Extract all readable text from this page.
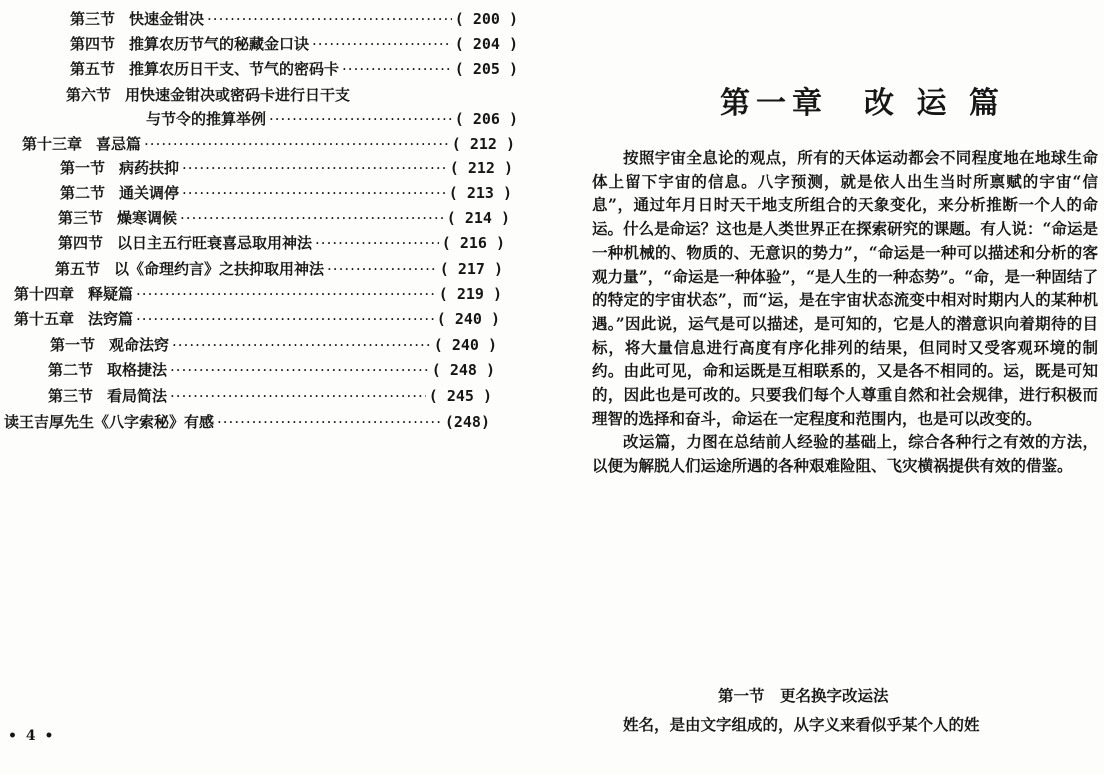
第三节 快速金钳决 ·····	( 200 )
第四节 推算农历节气的秘藏金口诀 ·····	( 204 )
第五节 推算农历日干支、节气的密码卡 ·····	( 205 )
第六节 用快速金钳决或密码卡进行日干支
与节令的推算举例 ·····	( 206 )
第十三章 喜忌篇 ·····	( 212 )
第一节 病药扶抑 ·····	( 212 )
第二节 通关调停 ·····	( 213 )
第三节 燥寒调候 ·····	( 214 )
第四节 以日主五行旺衰喜忌取用神法 ·····	( 216 )
第五节 以《命理约言》之扶抑取用神法 ·····	( 217 )
第十四章 释疑篇 ·····	( 219 )
第十五章 法窍篇 ·····	( 240 )
第一节 观命法窍 ·····	( 240 )
第二节 取格捷法 ·····	( 248 )
第三节 看局简法 ·····	( 245 )
读王吉厚先生《八字索秘》有感 ·····	(248)
• 4 •
第一章　改 运 篇

按照宇宙全息论的观点，所有的天体运动都会不同程度地在地球生命体上留下宇宙的信息。八字预测，就是依人出生当时所禀赋的宇宙“信息”，通过年月日时天干地支所组合的天象变化，来分析推断一个人的命运。什么是命运？这也是人类世界正在探索研究的课题。有人说：“命运是一种机械的、物质的、无意识的势力”，“命运是一种可以描述和分析的客观力量”，“命运是一种体验”，“是人生的一种态势”。“命，是一种固结了的特定的宇宙状态”，而“运，是在宇宙状态流变中相对时期内人的某种机遇。”因此说，运气是可以描述，是可知的，它是人的潜意识向着期待的目标，将大量信息进行高度有序化排列的结果，但同时又受客观环境的制约。由此可见，命和运既是互相联系的，又是各不相同的。运，既是可知的，因此也是可改的。只要我们每个人尊重自然和社会规律，进行积极而理智的选择和奋斗，命运在一定程度和范围内，也是可以改变的。

改运篇，力图在总结前人经验的基础上，综合各种行之有效的方法，以便为解脱人们运途所遇的各种艰难险阻、飞灾横祸提供有效的借鉴。

第一节　更名换字改运法
姓名，是由文字组成的，从字义来看似乎某个人的姓
